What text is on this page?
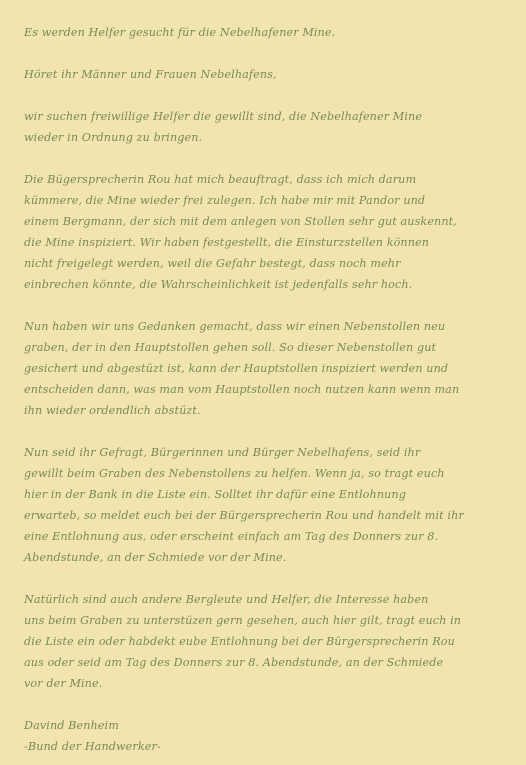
Es werden Helfer gesucht für die Nebelhafener Mine.
Höret ihr Männer und Frauen Nebelhafens,
wir suchen freiwillige Helfer die gewillt sind, die Nebelhafener Mine
wieder in Ordnung zu bringen.
Die Bügersprecherin Rou hat mich beauftragt, dass ich mich darum
kümmere, die Mine wieder frei zulegen. Ich habe mir mit Pandor und
einem Bergmann, der sich mit dem anlegen von Stollen sehr gut auskennt,
die Mine inspiziert. Wir haben festgestellt, die Einsturzstellen können
nicht freigelegt werden, weil die Gefahr bestegt, dass noch mehr
einbrechen könnte, die Wahrscheinlichkeit ist jedenfalls sehr hoch.
Nun haben wir uns Gedanken gemacht, dass wir einen Nebenstollen neu
graben, der in den Hauptstollen gehen soll. So dieser Nebenstollen gut
gesichert und abgestüzt ist, kann der Hauptstollen inspiziert werden und
entscheiden dann, was man vom Hauptstollen noch nutzen kann wenn man
ihn wieder ordendlich abstüzt.
Nun seid ihr Gefragt, Bürgerinnen und Bürger Nebelhafens, seid ihr
gewillt beim Graben des Nebenstollens zu helfen. Wenn ja, so tragt euch
hier in der Bank in die Liste ein. Solltet ihr dafür eine Entlohnung
erwarteb, so meldet euch bei der Bürgersprecherin Rou und handelt mit ihr
eine Entlohnung aus, oder erscheint einfach am Tag des Donners zur 8.
Abendstunde, an der Schmiede vor der Mine.
Natürlich sind auch andere Bergleute und Helfer, die Interesse haben
uns beim Graben zu unterstüzen gern gesehen, auch hier gilt, tragt euch in
die Liste ein oder habdekt eube Entlohnung bei der Bürgersprecherin Rou
aus oder seid am Tag des Donners zur 8. Abendstunde, an der Schmiede
vor der Mine.
Davind Benheim
-Bund der Handwerker-
